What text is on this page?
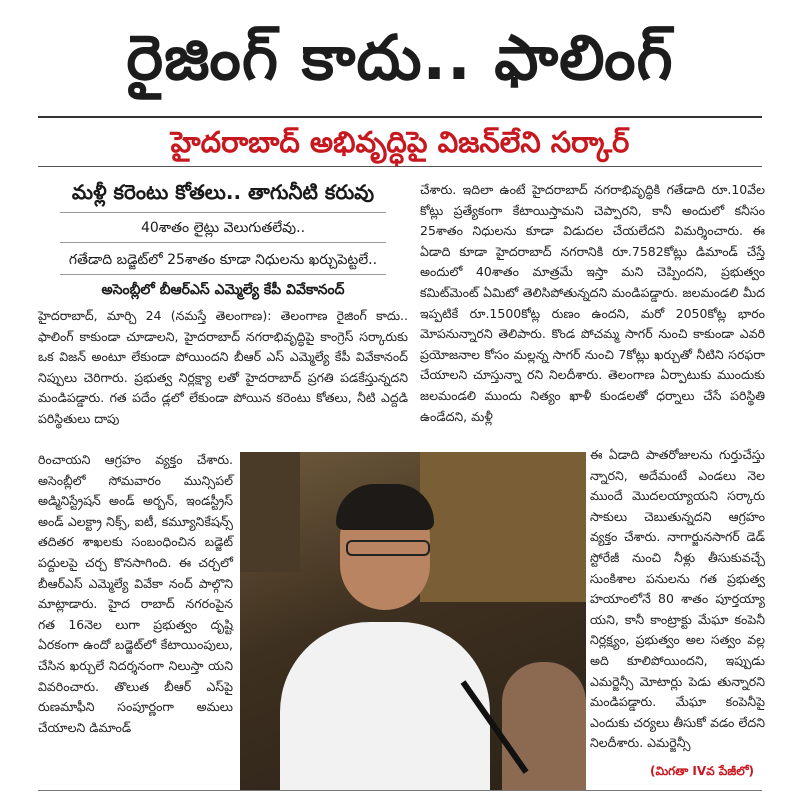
రైజింగ్ కాదు.. ఫాలింగ్
హైదరాబాద్ అభివృద్ధిపై విజన్‌లేని సర్కార్
మళ్లీ కరెంటు కోతలు.. తాగునీటి కరువు
40శాతం లైట్లు వెలుగుతలేవు..
గతేడాది బడ్జెట్‌లో 25శాతం కూడా నిధులను ఖర్చుపెట్టలే..
అసెంబ్లీలో బీఆర్‌ఎస్ ఎమ్మెల్యే కేపీ వివేకానంద్

హైదరాబాద్, మార్చి 24 (నమస్తే తెలంగాణ): తెలంగాణ రైజింగ్ కాదు.. ఫాలింగ్ కాకుండా చూడాలని, హైదరాబాద్ నగరాభివృద్ధిపై కాంగ్రెస్ సర్కారుకు ఒక విజన్ అంటూ లేకుండా పోయిందని బీఆర్ ఎస్ ఎమ్మెల్యే కేపీ వివేకానంద్ నిప్పులు చెరిగారు. ప్రభుత్వ నిర్లక్ష్యా లతో హైదరాబాద్ ప్రగతి పడకేస్తున్నదని మండిపడ్డారు. గత పదేం డ్లలో లేకుండా పోయిన కరెంటు కోతలు, నీటి ఎద్దడి పరిస్థితులు దాపు

రించాయని ఆగ్రహం వ్యక్తం చేశారు. అసెంబ్లీలో సోమవారం మున్సిపల్ అడ్మినిస్ట్రేషన్ అండ్ అర్బన్, ఇండస్ట్రీస్ అండ్ ఎలక్ట్రా నిక్స్, ఐటీ, కమ్యూనికేషన్స్ తదితర శాఖలకు సంబంధించిన బడ్జెట్ పద్దులపై చర్చ కొనసాగింది. ఈ చర్చలో బీఆర్‌ఎస్ ఎమ్మెల్యే వివేకా నంద్ పాల్గొని మాట్లాడారు. హైద రాబాద్ నగరంపైన గత 16నెల లుగా ప్రభుత్వం దృష్టి ఏరకంగా ఉందో బడ్జెట్‌లో కేటాయింపులు, చేసిన ఖర్చులే నిదర్శనంగా నిలుస్తా యని వివరించారు. తొలుత బీఆర్ ఎస్‌పై రుణమాఫీని సంపూర్ణంగా అమలు చేయాలని డిమాండ్

చేశారు. ఇదిలా ఉంటే హైదరాబాద్ నగరాభివృద్ధికి గతేడాది రూ.10వేల కోట్లు ప్రత్యేకంగా కేటాయిస్తామని చెప్పారని, కానీ అందులో కనీసం 25శాతం నిధులను కూడా విడుదల చేయలేదని విమర్శించారు. ఈ ఏడాది కూడా హైదరాబాద్ నగరానికి రూ.7582కోట్లు డిమాండ్ చేస్తే అందులో 40శాతం మాత్రమే ఇస్తా మని చెప్పిందని, ప్రభుత్వం కమిట్‌మెంట్ ఏమిటో తెలిసిపోతున్నదని మండిపడ్డారు. జలమండలి మీద ఇప్పటికే రూ.1500కోట్ల రుణం ఉందని, మరో 2050కోట్ల భారం మోపనున్నారని తెలిపారు. కొండ పోచమ్మ సాగర్ నుంచి కాకుండా ఎవరి ప్రయోజనాల కోసం మల్లన్న సాగర్ నుంచి 7కోట్లు ఖర్చుతో నీటిని సరఫరా చేయాలని చూస్తున్నా రని నిలదీశారు. తెలంగాణ ఏర్పాటుకు ముందుకు జలమండలి ముందు నిత్యం ఖాళీ కుండలతో ధర్నాలు చేసే పరిస్థితి ఉండేదని, మళ్లీ

ఈ ఏడాది పాతరోజులను గుర్తుచేస్తు న్నారని, అదేమంటే ఎండలు నెల ముందే మొదలయ్యాయని సర్కారు సాకులు చెబుతున్నదని ఆగ్రహం వ్యక్తం చేశారు. నాగార్జునసాగర్ డెడ్ స్టోరేజీ నుంచి నీళ్లు తీసుకువచ్చే సుంకిశాల పనులను గత ప్రభుత్వ హయాంలోనే 80 శాతం పూర్తయ్యా యని, కానీ కాంట్రాక్టు మేఘా కంపెనీ నిర్లక్ష్యం, ప్రభుత్వం అల సత్వం వల్ల అది కూలిపోయిందని, ఇప్పుడు ఎమర్జెన్సీ మోటార్లు పెడు తున్నారని మండిపడ్డారు. మేఘా కంపెనీపై ఎందుకు చర్యలు తీసుకో వడం లేదని నిలదీశారు. ఎమర్జెన్సీ

(మిగతా IVవ పేజీలో)
